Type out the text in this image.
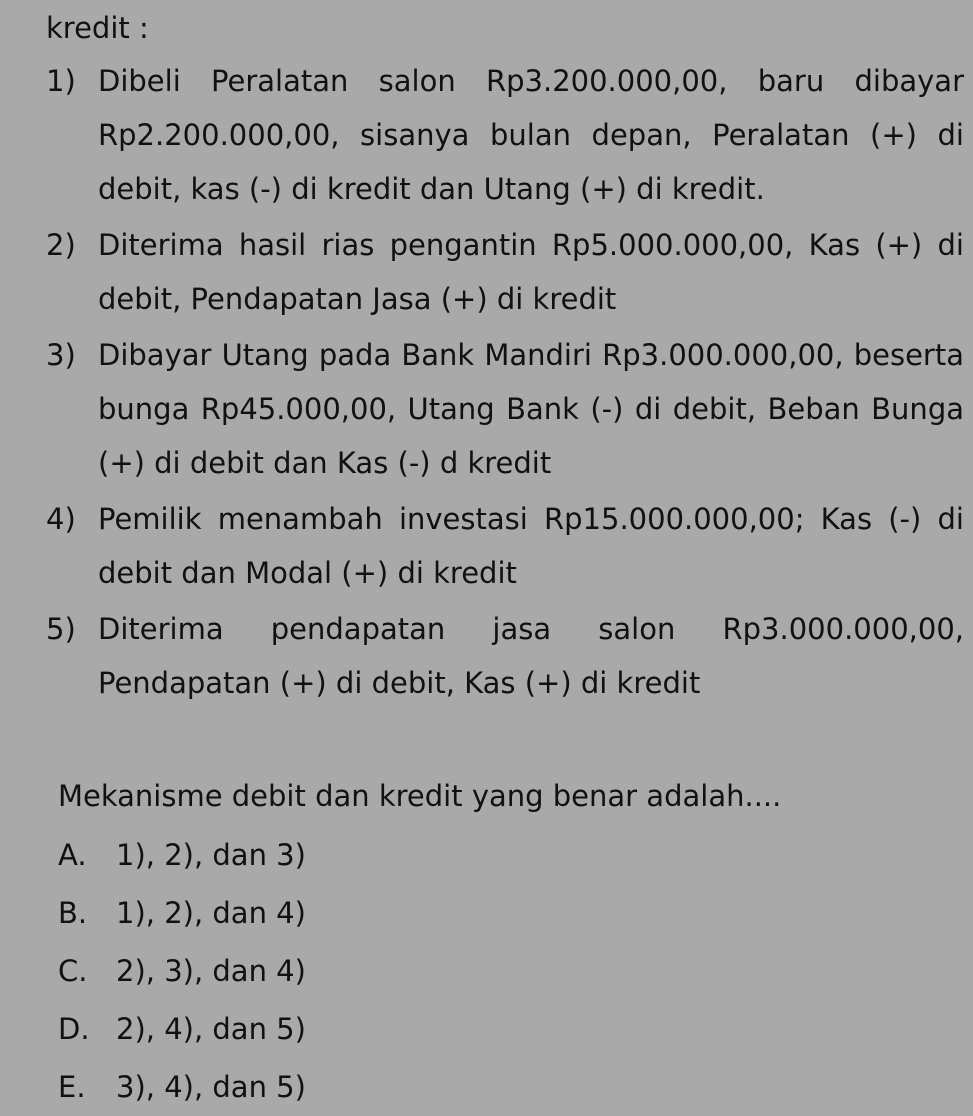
kredit :
1) Dibeli Peralatan salon Rp3.200.000,00, baru dibayar Rp2.200.000,00, sisanya bulan depan, Peralatan (+) di debit, kas (-) di kredit dan Utang (+) di kredit.
2) Diterima hasil rias pengantin Rp5.000.000,00, Kas (+) di debit, Pendapatan Jasa (+) di kredit
3) Dibayar Utang pada Bank Mandiri Rp3.000.000,00, beserta bunga Rp45.000,00, Utang Bank (-) di debit, Beban Bunga (+) di debit dan Kas (-) d kredit
4) Pemilik menambah investasi Rp15.000.000,00; Kas (-) di debit dan Modal (+) di kredit
5) Diterima pendapatan jasa salon Rp3.000.000,00, Pendapatan (+) di debit, Kas (+) di kredit
Mekanisme debit dan kredit yang benar adalah....
A.	1), 2), dan 3)
B. 1), 2), dan 4)
C. 2), 3), dan 4)
D. 2), 4), dan 5)
E.	3), 4), dan 5)
